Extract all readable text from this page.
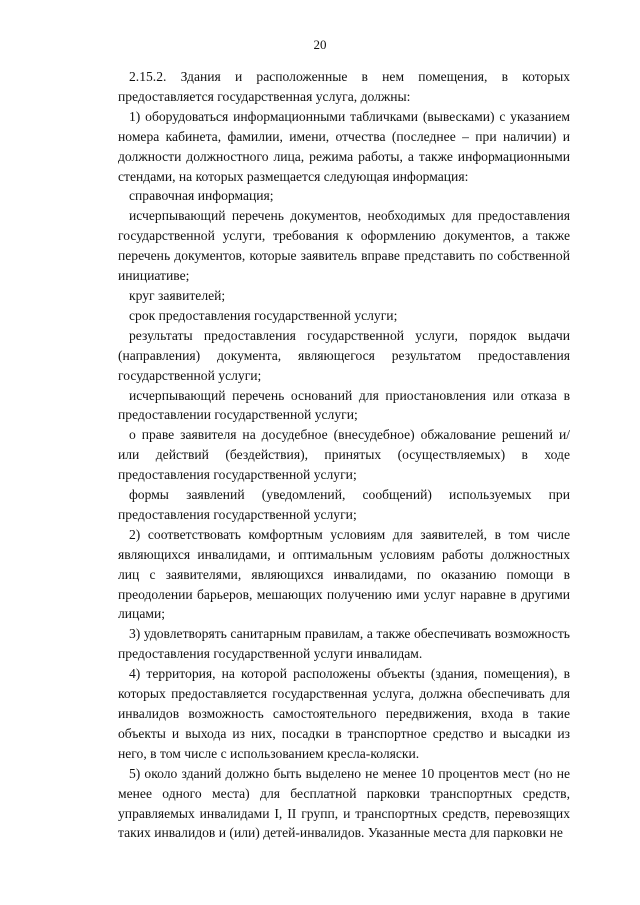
20

2.15.2. Здания и расположенные в нем помещения, в которых предоставляется государственная услуга, должны:

1) оборудоваться информационными табличками (вывесками) с указанием номера кабинета, фамилии, имени, отчества (последнее – при наличии) и должности должностного лица, режима работы, а также информационными стендами, на которых размещается следующая информация:

справочная информация;

исчерпывающий перечень документов, необходимых для предоставления государственной услуги, требования к оформлению документов, а также перечень документов, которые заявитель вправе представить по собственной инициативе;

круг заявителей;

срок предоставления государственной услуги;

результаты предоставления государственной услуги, порядок выдачи (направления) документа, являющегося результатом предоставления государственной услуги;

исчерпывающий перечень оснований для приостановления или отказа в предоставлении государственной услуги;

о праве заявителя на досудебное (внесудебное) обжалование решений и/или действий (бездействия), принятых (осуществляемых) в ходе предоставления государственной услуги;

формы заявлений (уведомлений, сообщений) используемых при предоставления государственной услуги;

2) соответствовать комфортным условиям для заявителей, в том числе являющихся инвалидами, и оптимальным условиям работы должностных лиц с заявителями, являющихся инвалидами, по оказанию помощи в преодолении барьеров, мешающих получению ими услуг наравне в другими лицами;

3) удовлетворять санитарным правилам, а также обеспечивать возможность предоставления государственной услуги инвалидам.

4) территория, на которой расположены объекты (здания, помещения), в которых предоставляется государственная услуга, должна обеспечивать для инвалидов возможность самостоятельного передвижения, входа в такие объекты и выхода из них, посадки в транспортное средство и высадки из него, в том числе с использованием кресла-коляски.

5) около зданий должно быть выделено не менее 10 процентов мест (но не менее одного места) для бесплатной парковки транспортных средств, управляемых инвалидами I, II групп, и транспортных средств, перевозящих таких инвалидов и (или) детей-инвалидов. Указанные места для парковки не
